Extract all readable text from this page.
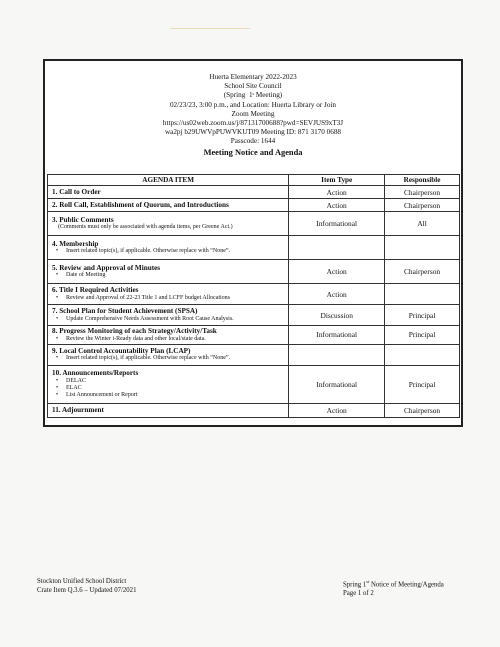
Huerta Elementary 2022-2023
School Site Council
(Spring  1ˢ Meeting)
02/23/23, 3:00 p.m., and Location: Huerta Library or Join
Zoom Meeting
https://us02web.zoom.us/j/87131700688?pwd=SEVJUS9xT3J
wa2pj b29UWVpPUWVKUT09 Meeting ID: 871 3170 0688
Passcode: 1644
Meeting Notice and Agenda
AGENDA ITEM	Item Type	Responsible

1. Call to Order	Action	Chairperson

2. Roll Call, Establishment of Quorum, and Introductions	Action	Chairperson

3. Public Comments
(Comments must only be associated with agenda items, per Greene Act.)	Informational	All

4. Membership
• Insert related topic(s), if applicable. Otherwise replace with “None”.		

5. Review and Approval of Minutes
• Date of Meeting	Action	Chairperson

6. Title I Required Activities
• Review and Approval of 22-23 Title 1 and LCFF budget Allocations	Action	

7. School Plan for Student Achievement (SPSA)
• Update Comprehensive Needs Assessment with Root Cause Analysis.	Discussion	Principal

8. Progress Monitoring of each Strategy/Activity/Task
• Review the Winter i-Ready data and other local/state data.	Informational	Principal

9. Local Control Accountability Plan (LCAP)
• Insert related topic(s), if applicable. Otherwise replace with “None”.		

10. Announcements/Reports
• DELAC
• ELAC
• List Announcement or Report	Informational	Principal

11. Adjournment	Action	Chairperson
Stockton Unified School District
Crate Item Q.3.6 – Updated 07/2021
Spring 1st Notice of Meeting/Agenda
Page 1 of 2
